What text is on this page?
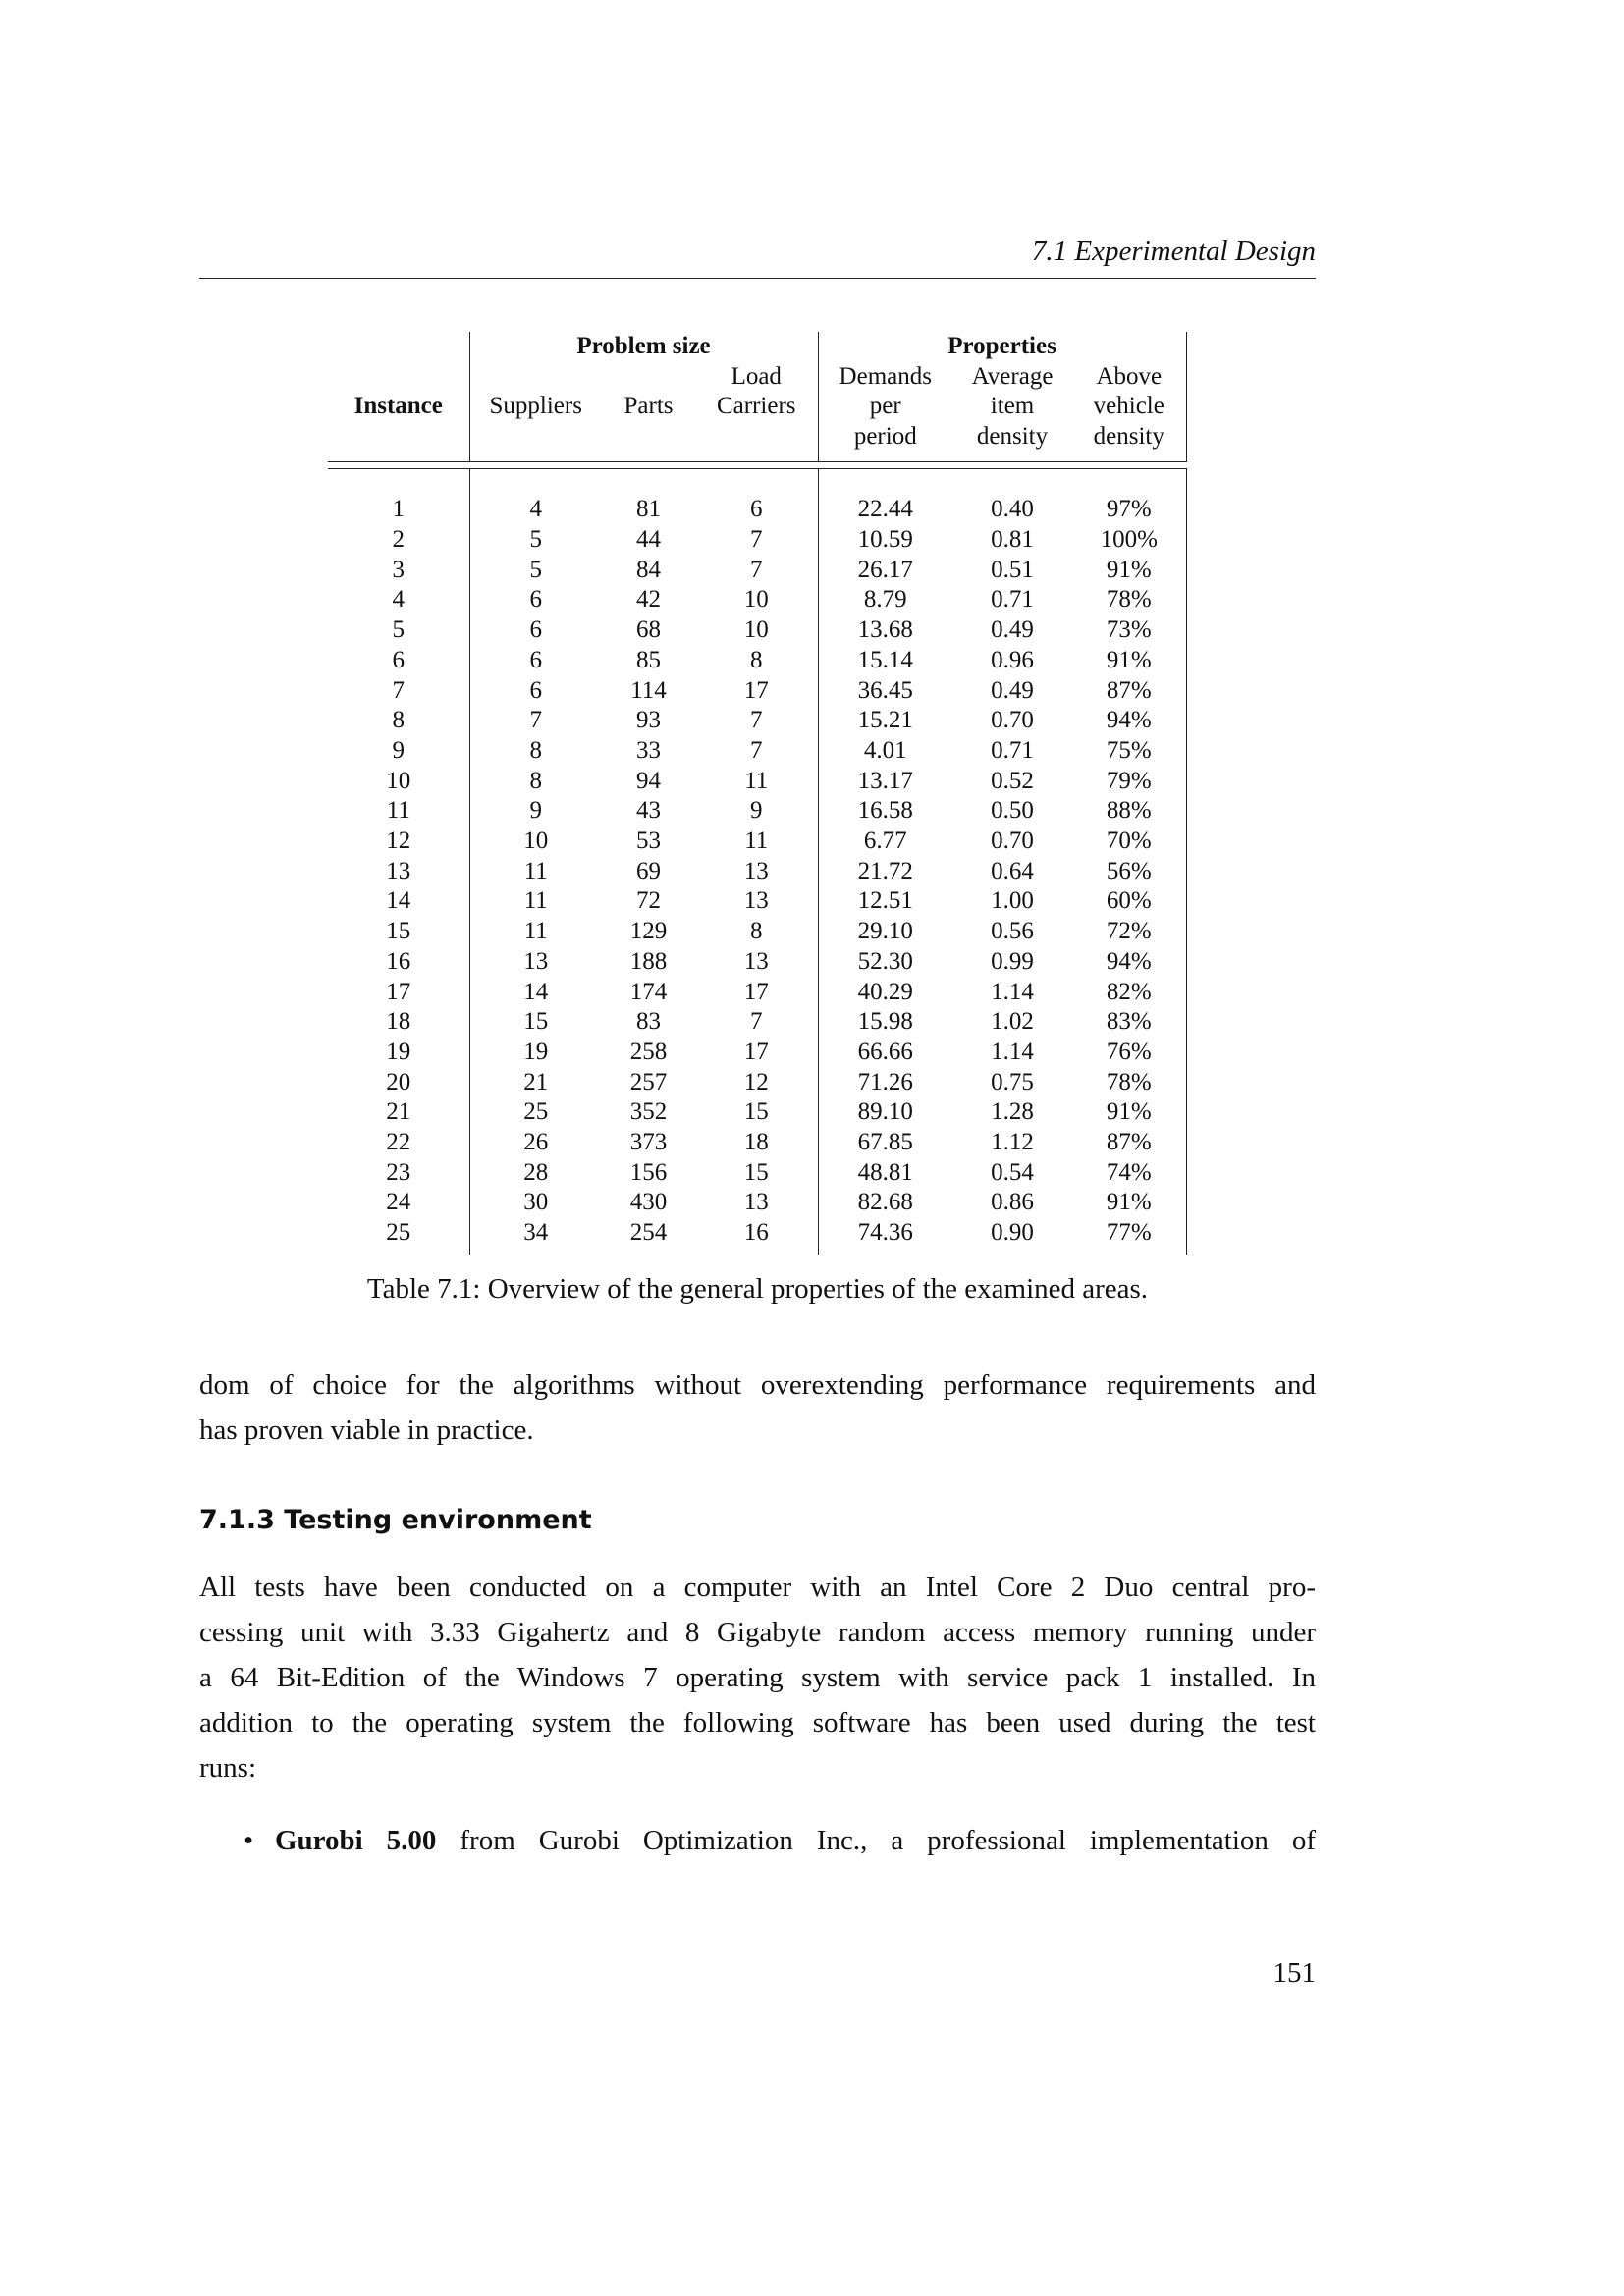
7.1 Experimental Design
	Problem size			Properties		
			Load	Demands	Average	Above
Instance	Suppliers	Parts	Carriers	per	item	vehicle
				period	density	density

1	4	81	6	22.44	0.40	97%
2	5	44	7	10.59	0.81	100%
3	5	84	7	26.17	0.51	91%
4	6	42	10	8.79	0.71	78%
5	6	68	10	13.68	0.49	73%
6	6	85	8	15.14	0.96	91%
7	6	114	17	36.45	0.49	87%
8	7	93	7	15.21	0.70	94%
9	8	33	7	4.01	0.71	75%
10	8	94	11	13.17	0.52	79%
11	9	43	9	16.58	0.50	88%
12	10	53	11	6.77	0.70	70%
13	11	69	13	21.72	0.64	56%
14	11	72	13	12.51	1.00	60%
15	11	129	8	29.10	0.56	72%
16	13	188	13	52.30	0.99	94%
17	14	174	17	40.29	1.14	82%
18	15	83	7	15.98	1.02	83%
19	19	258	17	66.66	1.14	76%
20	21	257	12	71.26	0.75	78%
21	25	352	15	89.10	1.28	91%
22	26	373	18	67.85	1.12	87%
23	28	156	15	48.81	0.54	74%
24	30	430	13	82.68	0.86	91%
25	34	254	16	74.36	0.90	77%

Table 7.1: Overview of the general properties of the examined areas.
dom of choice for the algorithms without overextending performance requirements and
has proven viable in practice.
7.1.3 Testing environment
All tests have been conducted on a computer with an Intel Core 2 Duo central pro-
cessing unit with 3.33 Gigahertz and 8 Gigabyte random access memory running under
a 64 Bit-Edition of the Windows 7 operating system with service pack 1 installed. In
addition to the operating system the following software has been used during the test
runs:
• Gurobi 5.00 from Gurobi Optimization Inc., a professional implementation of
151
